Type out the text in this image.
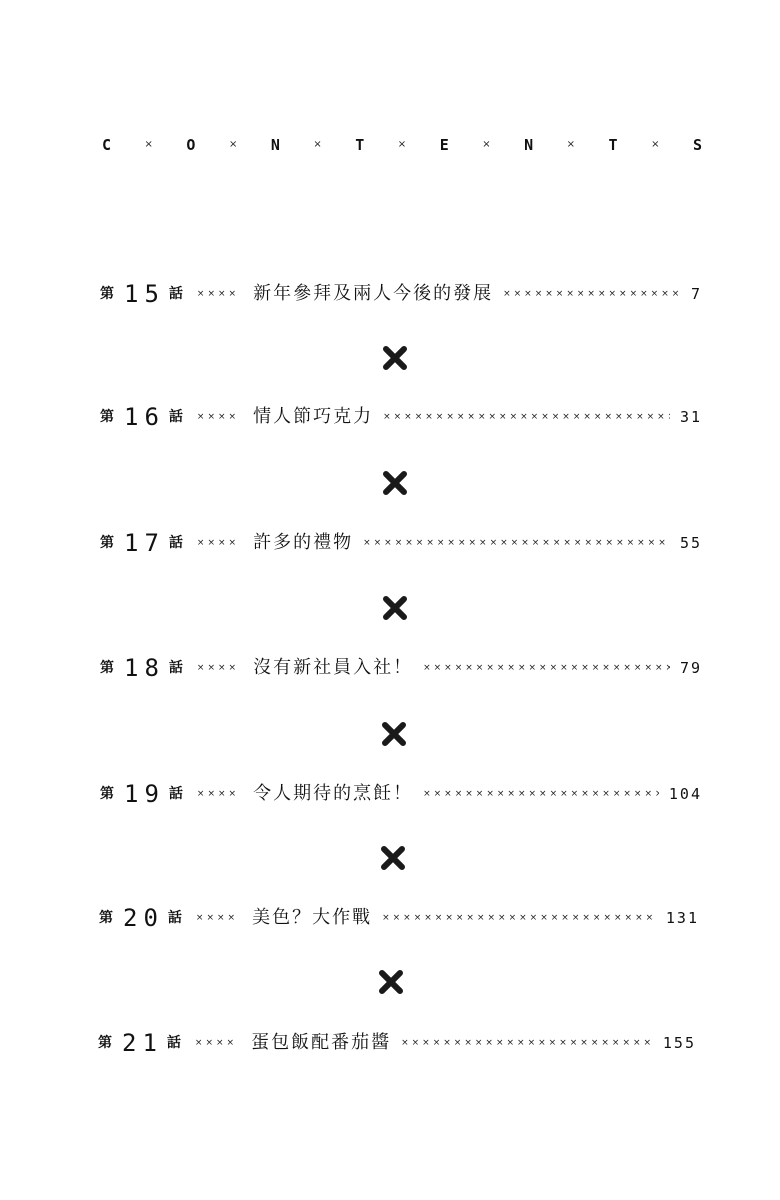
C	× O	× N	× T	× E	× N	× T	× S
第 15 話 ×××× 新年參拜及兩人今後的發展 ×××××××××××××××××××××××××××××××××××××××××××××××××××××××××××	7
第 16 話 ×××× 情人節巧克力 ×××××××××××××××××××××××××××××××××××××××××××××××××××××××××××	31
第 17 話 ×××× 許多的禮物 ×××××××××××××××××××××××××××××××××××××××××××××××××××××××××××	55
第 18 話 ×××× 沒有新社員入社！ ×××××××××××××××××××××××××××××××××××××××××××××××××××××××××××	79
第 19 話 ×××× 令人期待的烹飪！ ×××××××××××××××××××××××××××××××××××××××××××××××××××××××××××	104
第 20 話 ×××× 美色？大作戰 ×××××××××××××××××××××××××××××××××××××××××××××××××××××××××××	131
第 21 話 ×××× 蛋包飯配番茄醬 ×××××××××××××××××××××××××××××××××××××××××××××××××××××××××××	155
